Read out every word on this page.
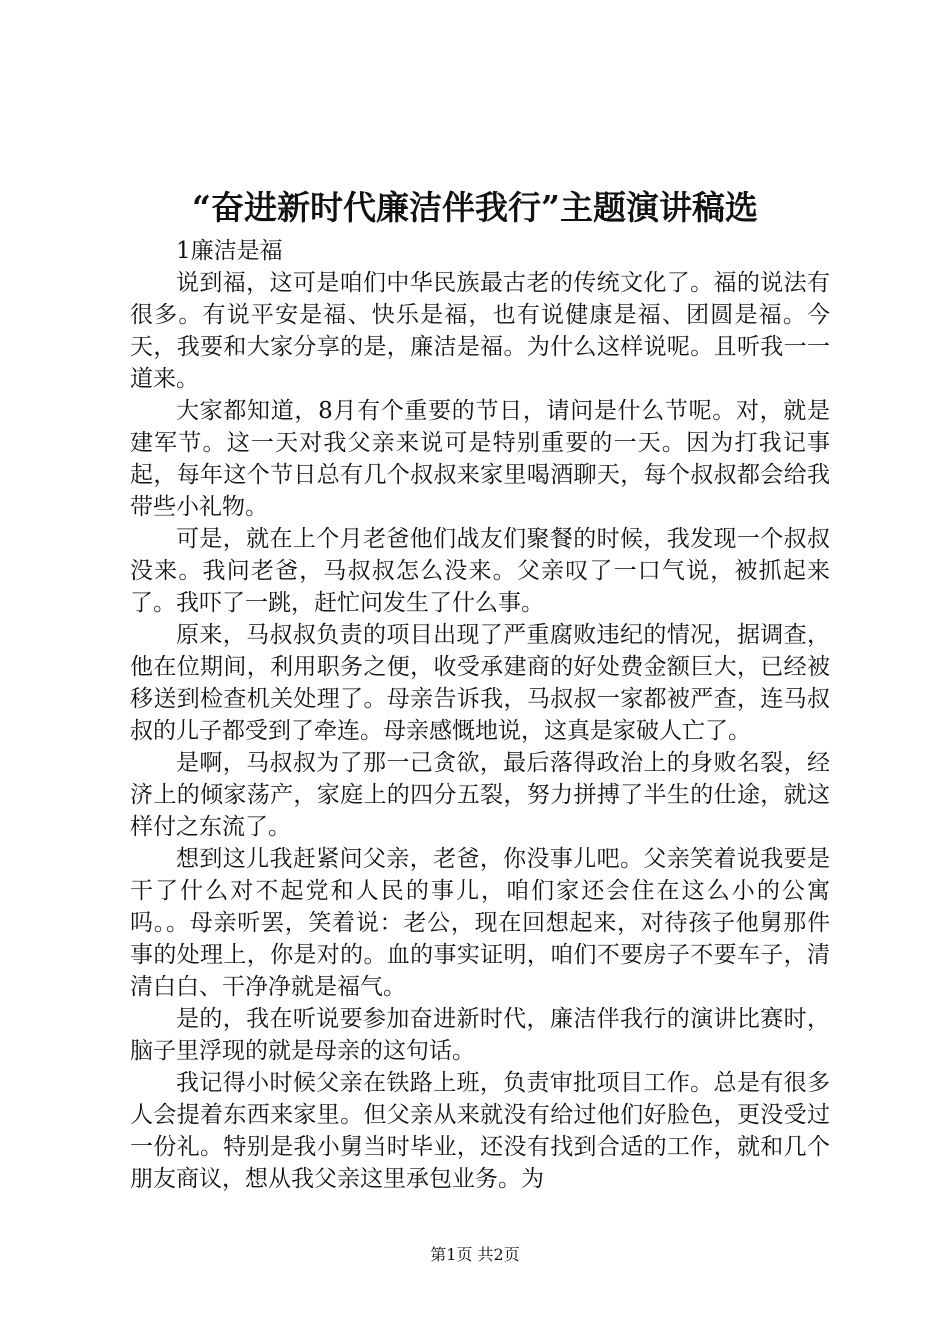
“奋进新时代廉洁伴我行”主题演讲稿选

1廉洁是福

说到福，这可是咱们中华民族最古老的传统文化了。福的说法有很多。有说平安是福、快乐是福，也有说健康是福、团圆是福。今天，我要和大家分享的是，廉洁是福。为什么这样说呢。且听我一一道来。

大家都知道，8月有个重要的节日，请问是什么节呢。对，就是建军节。这一天对我父亲来说可是特别重要的一天。因为打我记事起，每年这个节日总有几个叔叔来家里喝酒聊天，每个叔叔都会给我带些小礼物。

可是，就在上个月老爸他们战友们聚餐的时候，我发现一个叔叔没来。我问老爸，马叔叔怎么没来。父亲叹了一口气说，被抓起来了。我吓了一跳，赶忙问发生了什么事。

原来，马叔叔负责的项目出现了严重腐败违纪的情况，据调查，他在位期间，利用职务之便，收受承建商的好处费金额巨大，已经被移送到检查机关处理了。母亲告诉我，马叔叔一家都被严查，连马叔叔的儿子都受到了牵连。母亲感慨地说，这真是家破人亡了。

是啊，马叔叔为了那一己贪欲，最后落得政治上的身败名裂，经济上的倾家荡产，家庭上的四分五裂，努力拼搏了半生的仕途，就这样付之东流了。

想到这儿我赶紧问父亲，老爸，你没事儿吧。父亲笑着说我要是干了什么对不起党和人民的事儿，咱们家还会住在这么小的公寓吗。。母亲听罢，笑着说：老公，现在回想起来，对待孩子他舅那件事的处理上，你是对的。血的事实证明，咱们不要房子不要车子，清清白白、干净净就是福气。

是的，我在听说要参加奋进新时代，廉洁伴我行的演讲比赛时，脑子里浮现的就是母亲的这句话。

我记得小时候父亲在铁路上班，负责审批项目工作。总是有很多人会提着东西来家里。但父亲从来就没有给过他们好脸色，更没受过一份礼。特别是我小舅当时毕业，还没有找到合适的工作，就和几个朋友商议，想从我父亲这里承包业务。为

第1页 共2页
